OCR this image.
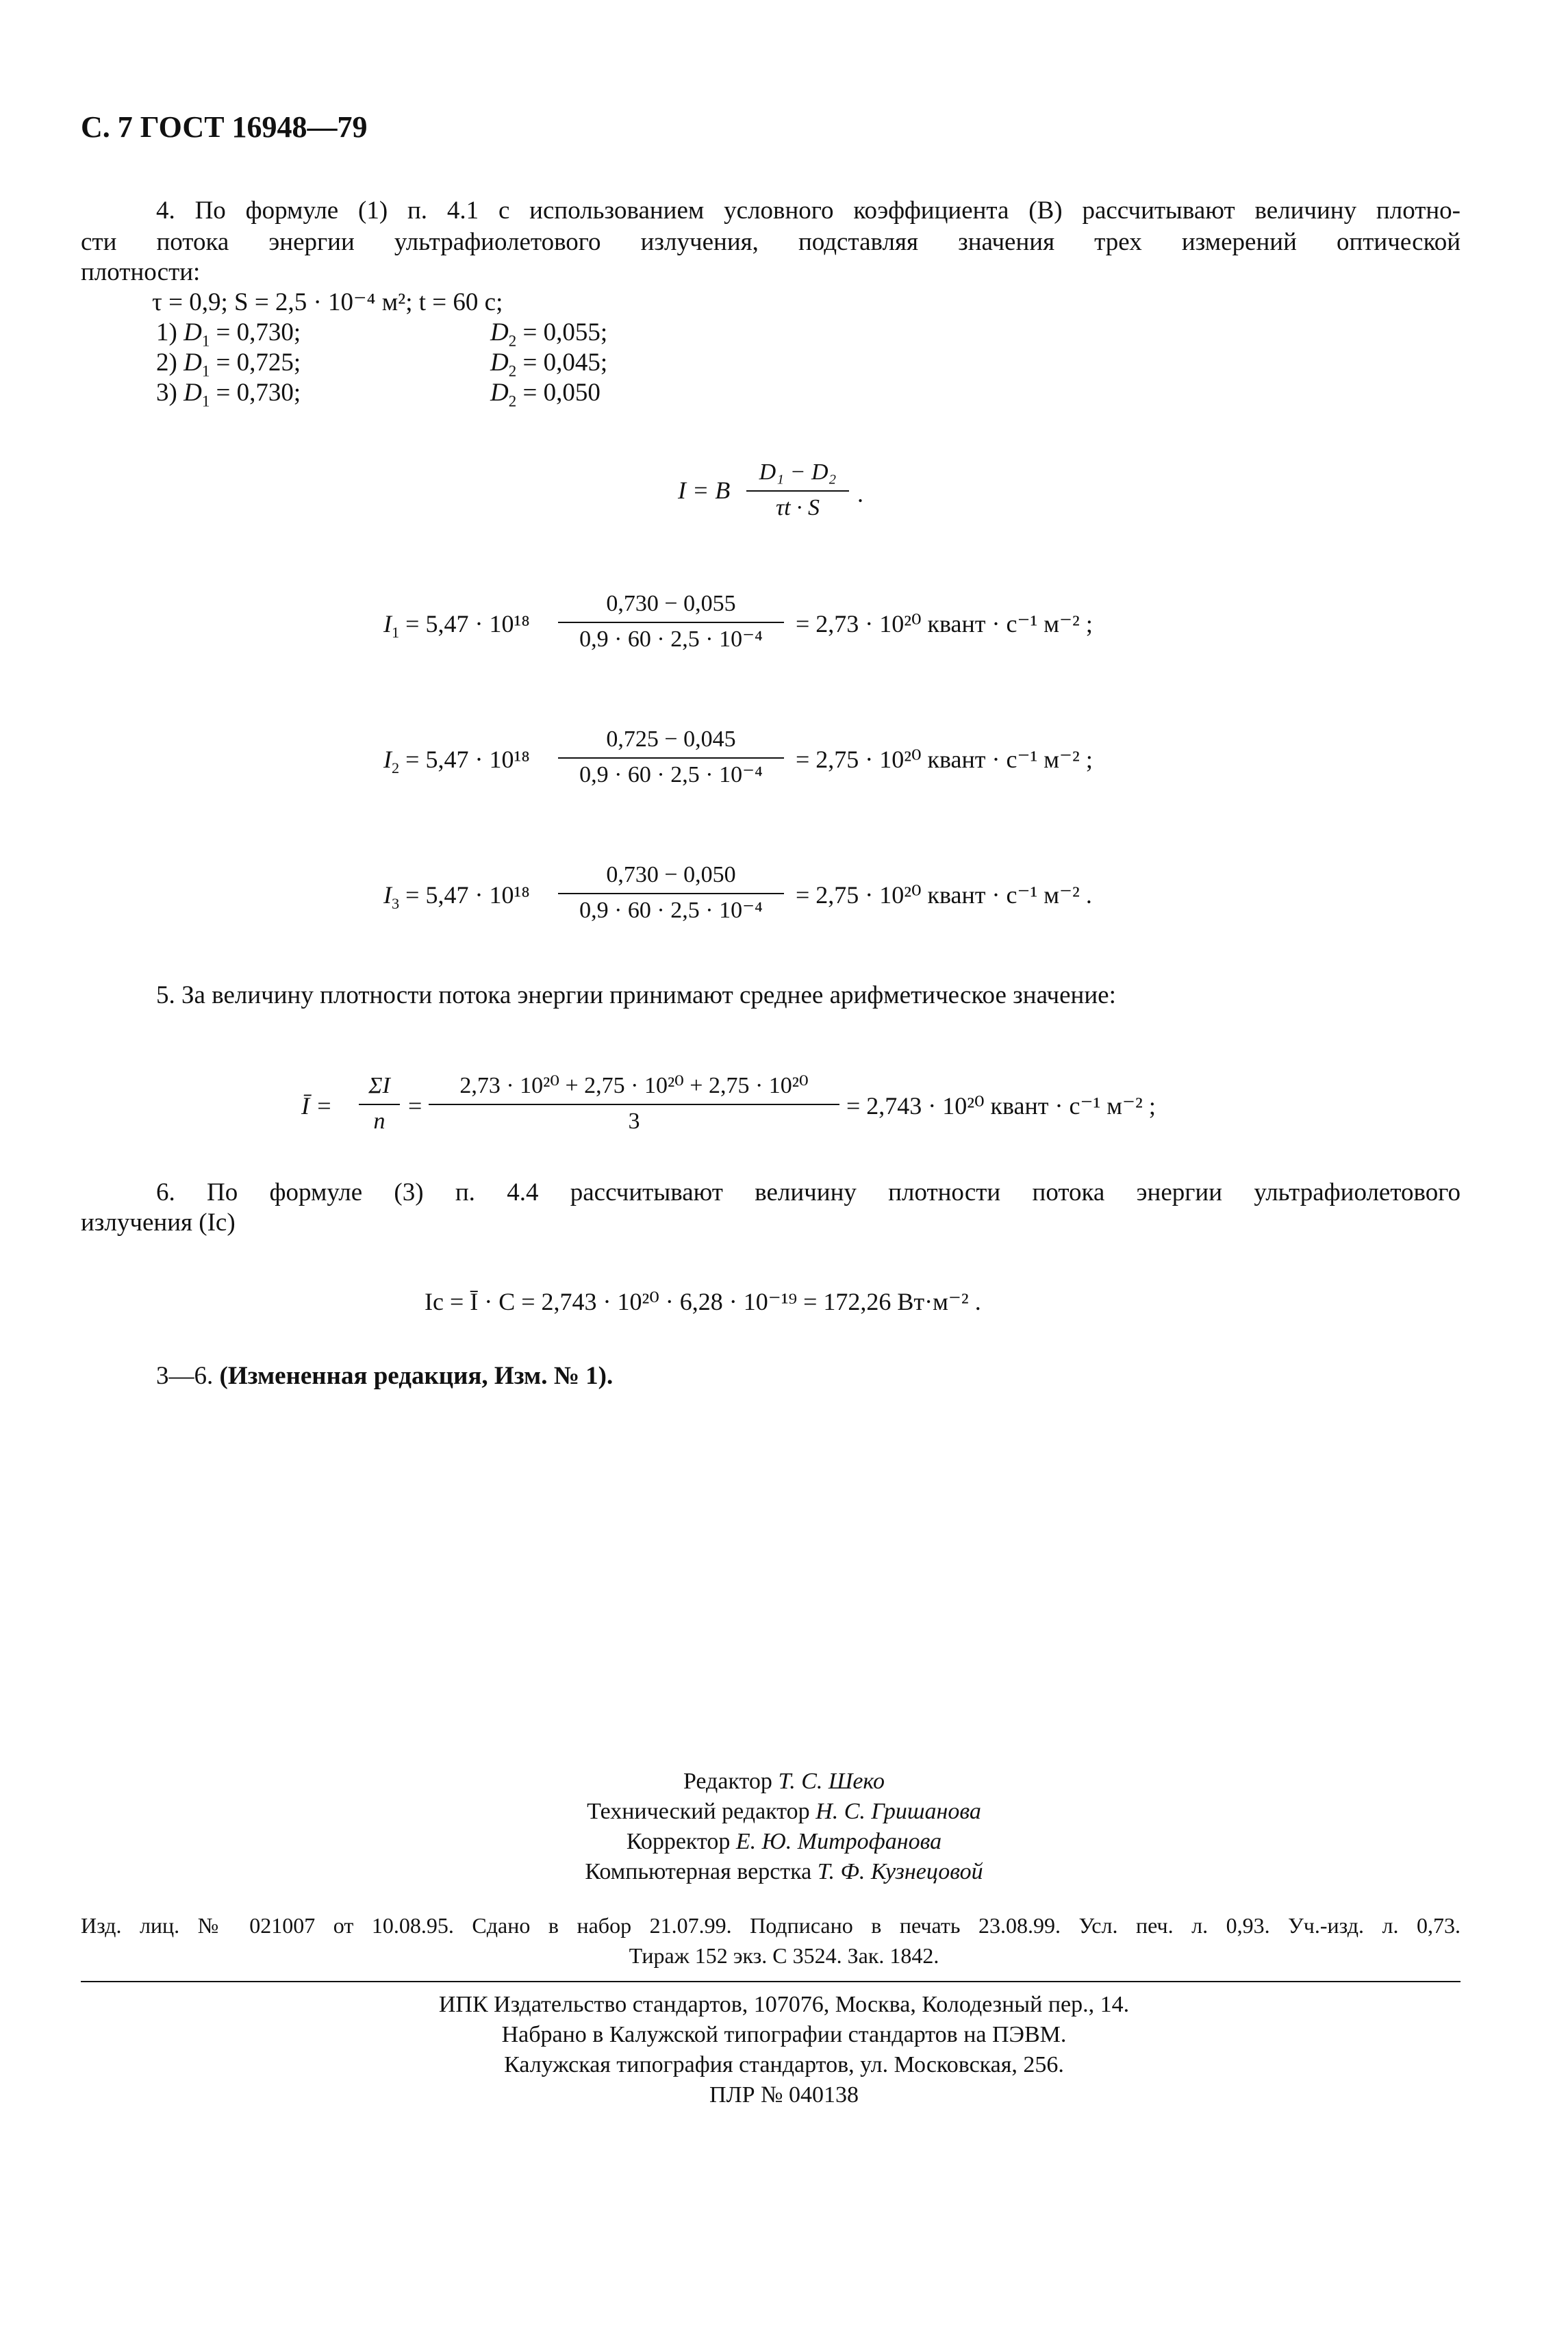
С. 7 ГОСТ 16948—79
4. По формуле (1) п. 4.1 с использованием условного коэффициента (B) рассчитывают величину плотно-
сти потока энергии ультрафиолетового излучения, подставляя значения трех измерений оптической
плотности:
τ = 0,9; S = 2,5 · 10⁻⁴ м²; t = 60 с;
1) $D_1 = 0,730$;	$D_2 = 0,055$;
2) $D_1 = 0,725$;	$D_2 = 0,045$;
3) $D_1 = 0,730$;	$D_2 = 0,050$
I = B
D₁ − D₂
τt · S
.
$I_1 = 5,47 \cdot 10^{18}$
0,730 − 0,055
0,9 · 60 · 2,5 · 10⁻⁴
= 2,73 · 10²⁰ квант · с⁻¹ м⁻² ;
$I_2 = 5,47 \cdot 10^{18}$
0,725 − 0,045
0,9 · 60 · 2,5 · 10⁻⁴
= 2,75 · 10²⁰ квант · с⁻¹ м⁻² ;
$I_3 = 5,47 \cdot 10^{18}$
0,730 − 0,050
0,9 · 60 · 2,5 · 10⁻⁴
= 2,75 · 10²⁰ квант · с⁻¹ м⁻² .
5. За величину плотности потока энергии принимают среднее арифметическое значение:
Ī =
ΣI
n
=
2,73 · 10²⁰ + 2,75 · 10²⁰ + 2,75 · 10²⁰
3
= 2,743 · 10²⁰ квант · с⁻¹ м⁻² ;
6. По формуле (3) п. 4.4 рассчитывают величину плотности потока энергии ультрафиолетового
излучения (Iс)
Iс = Ī · C = 2,743 · 10²⁰ · 6,28 · 10⁻¹⁹ = 172,26 Вт·м⁻² .
3—6. (Измененная редакция, Изм. № 1).
Редактор Т. С. Шеко
Технический редактор Н. С. Гришанова
Корректор Е. Ю. Митрофанова
Компьютерная верстка Т. Ф. Кузнецовой
Изд. лиц. № 021007 от 10.08.95. Сдано в набор 21.07.99. Подписано в печать 23.08.99. Усл. печ. л. 0,93. Уч.-изд. л. 0,73.
Тираж 152 экз. С 3524. Зак. 1842.
ИПК Издательство стандартов, 107076, Москва, Колодезный пер., 14.
Набрано в Калужской типографии стандартов на ПЭВМ.
Калужская типография стандартов, ул. Московская, 256.
ПЛР № 040138
